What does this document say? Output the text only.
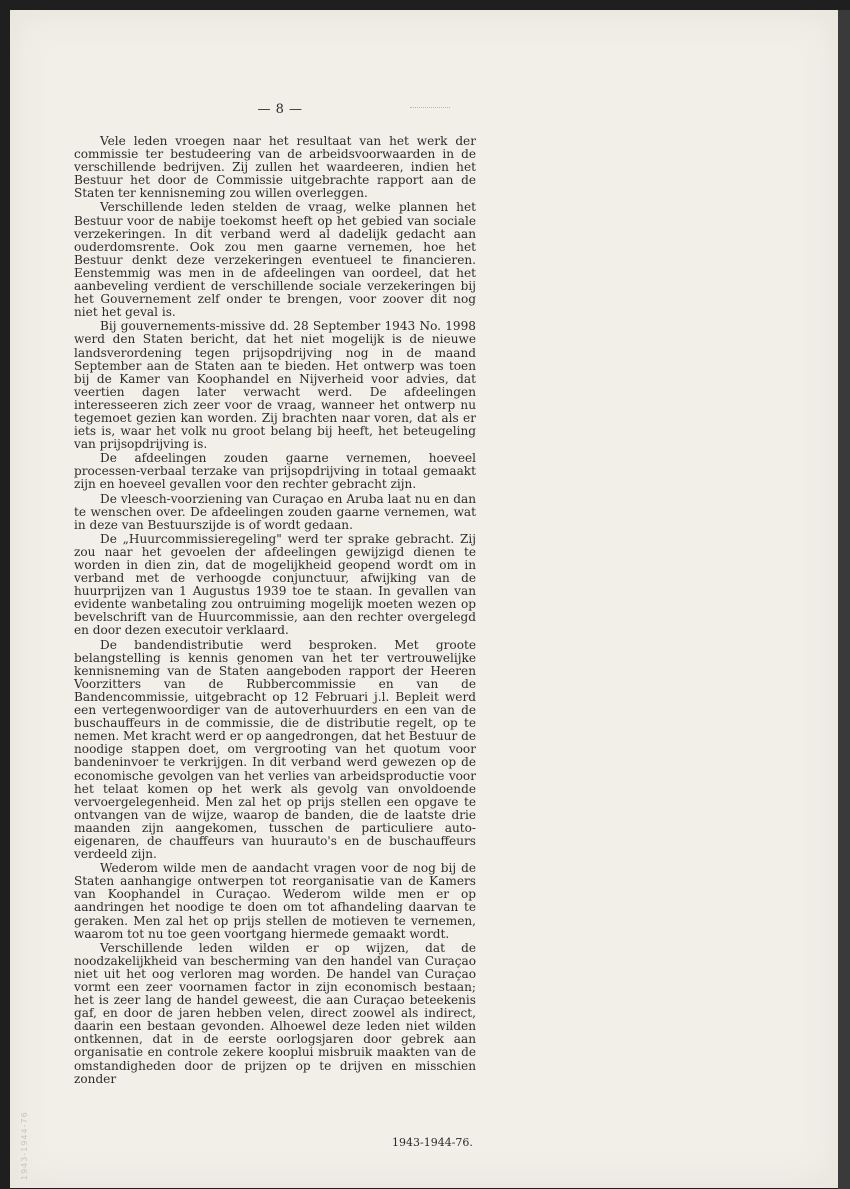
— 8 —

Vele leden vroegen naar het resultaat van het werk der commissie ter bestudeering van de arbeidsvoorwaarden in de verschillende bedrijven. Zij zullen het waardeeren, indien het Bestuur het door de Commissie uitgebrachte rapport aan de Staten ter kennisneming zou willen overleggen.

Verschillende leden stelden de vraag, welke plannen het Bestuur voor de nabije toekomst heeft op het gebied van sociale verzekeringen. In dit verband werd al dadelijk gedacht aan ouderdomsrente. Ook zou men gaarne vernemen, hoe het Bestuur denkt deze verzekeringen eventueel te financieren. Eenstemmig was men in de afdeelingen van oordeel, dat het aanbeveling verdient de verschillende sociale verzekeringen bij het Gouvernement zelf onder te brengen, voor zoover dit nog niet het geval is.

Bij gouvernements-missive dd. 28 September 1943 No. 1998 werd den Staten bericht, dat het niet mogelijk is de nieuwe landsverordening tegen prijsopdrijving nog in de maand September aan de Staten aan te bieden. Het ontwerp was toen bij de Kamer van Koophandel en Nijverheid voor advies, dat veertien dagen later verwacht werd. De afdeelingen interesseeren zich zeer voor de vraag, wanneer het ontwerp nu tegemoet gezien kan worden. Zij brachten naar voren, dat als er iets is, waar het volk nu groot belang bij heeft, het beteugeling van prijsopdrijving is.

De afdeelingen zouden gaarne vernemen, hoeveel processen-verbaal terzake van prijsopdrijving in totaal gemaakt zijn en hoeveel gevallen voor den rechter gebracht zijn.

De vleesch-voorziening van Curaçao en Aruba laat nu en dan te wenschen over. De afdeelingen zouden gaarne vernemen, wat in deze van Bestuurszijde is of wordt gedaan.

De „Huurcommissieregeling" werd ter sprake gebracht. Zij zou naar het gevoelen der afdeelingen gewijzigd dienen te worden in dien zin, dat de mogelijkheid geopend wordt om in verband met de verhoogde conjunctuur, afwijking van de huurprijzen van 1 Augustus 1939 toe te staan. In gevallen van evidente wanbetaling zou ontruiming mogelijk moeten wezen op bevelschrift van de Huurcommissie, aan den rechter overgelegd en door dezen executoir verklaard.

De bandendistributie werd besproken. Met groote belangstelling is kennis genomen van het ter vertrouwelijke kennisneming van de Staten aangeboden rapport der Heeren Voorzitters van de Rubbercommissie en van de Bandencommissie, uitgebracht op 12 Februari j.l. Bepleit werd een vertegenwoordiger van de autoverhuurders en een van de buschauffeurs in de commissie, die de distributie regelt, op te nemen. Met kracht werd er op aangedrongen, dat het Bestuur de noodige stappen doet, om vergrooting van het quotum voor bandeninvoer te verkrijgen. In dit verband werd gewezen op de economische gevolgen van het verlies van arbeidsproductie voor het telaat komen op het werk als gevolg van onvoldoende vervoergelegenheid. Men zal het op prijs stellen een opgave te ontvangen van de wijze, waarop de banden, die de laatste drie maanden zijn aangekomen, tusschen de particuliere auto-eigenaren, de chauffeurs van huurauto's en de buschauffeurs verdeeld zijn.

Wederom wilde men de aandacht vragen voor de nog bij de Staten aanhangige ontwerpen tot reorganisatie van de Kamers van Koophandel in Curaçao. Wederom wilde men er op aandringen het noodige te doen om tot afhandeling daarvan te geraken. Men zal het op prijs stellen de motieven te vernemen, waarom tot nu toe geen voortgang hiermede gemaakt wordt.

Verschillende leden wilden er op wijzen, dat de noodzakelijkheid van bescherming van den handel van Curaçao niet uit het oog verloren mag worden. De handel van Curaçao vormt een zeer voornamen factor in zijn economisch bestaan; het is zeer lang de handel geweest, die aan Curaçao beteekenis gaf, en door de jaren hebben velen, direct zoowel als indirect, daarin een bestaan gevonden. Alhoewel deze leden niet wilden ontkennen, dat in de eerste oorlogsjaren door gebrek aan organisatie en controle zekere kooplui misbruik maakten van de omstandigheden door de prijzen op te drijven en misschien zonder

1943-1944-76.
1943-1944-76
